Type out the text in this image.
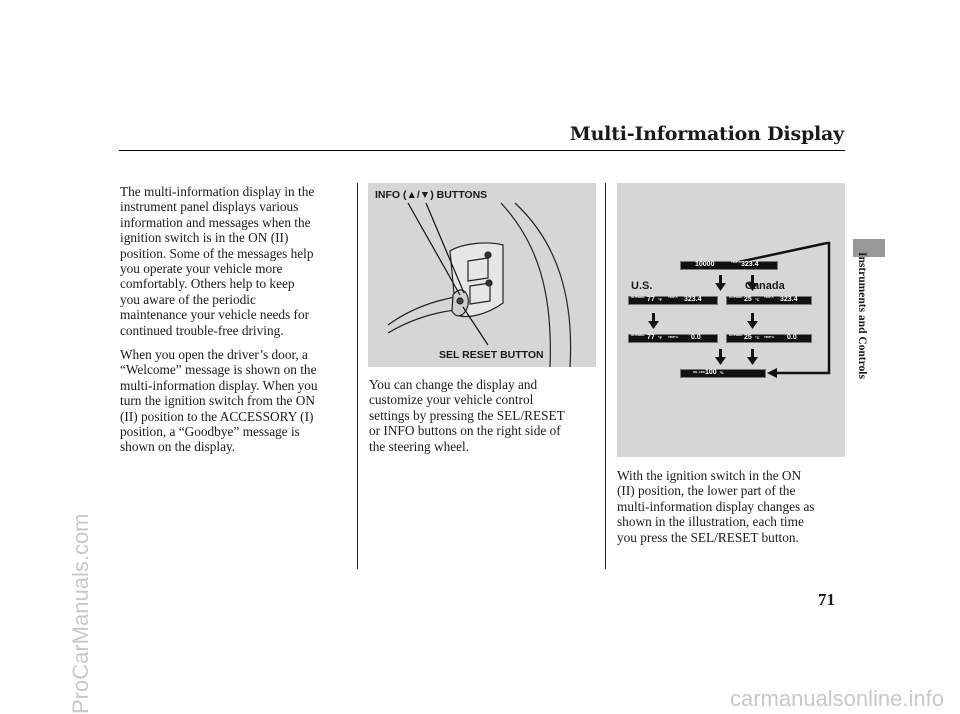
Multi-Information Display
The multi-information display in the
instrument panel displays various
information and messages when the
ignition switch is in the ON (II)
position. Some of the messages help
you operate your vehicle more
comfortably. Others help to keep
you aware of the periodic
maintenance your vehicle needs for
continued trouble-free driving.
When you open the driver’s door, a
“Welcome” message is shown on the
multi-information display. When you
turn the ignition switch from the ON
(II) position to the ACCESSORY (I)
position, a “Goodbye” message is
shown on the display.
INFO (▲/▼) BUTTONS
SEL RESET BUTTON
You can change the display and
customize your vehicle control
settings by pressing the SEL/RESET
or INFO buttons on the right side of
the steering wheel.
U.S.	Canada
10000	TRIP A 323.4
OUTSIDE 77 °F TRIP A 323.4	OUTSIDE 25 °C TRIP A 323.4
OUTSIDE 77 °F TRIP B 0.0	OUTSIDE 25 °C TRIP B 0.0
OIL LIFE 100 %
With the ignition switch in the ON
(II) position, the lower part of the
multi-information display changes as
shown in the illustration, each time
you press the SEL/RESET button.
Instruments and Controls
71
ProCarManuals.com	carmanualsonline.info
